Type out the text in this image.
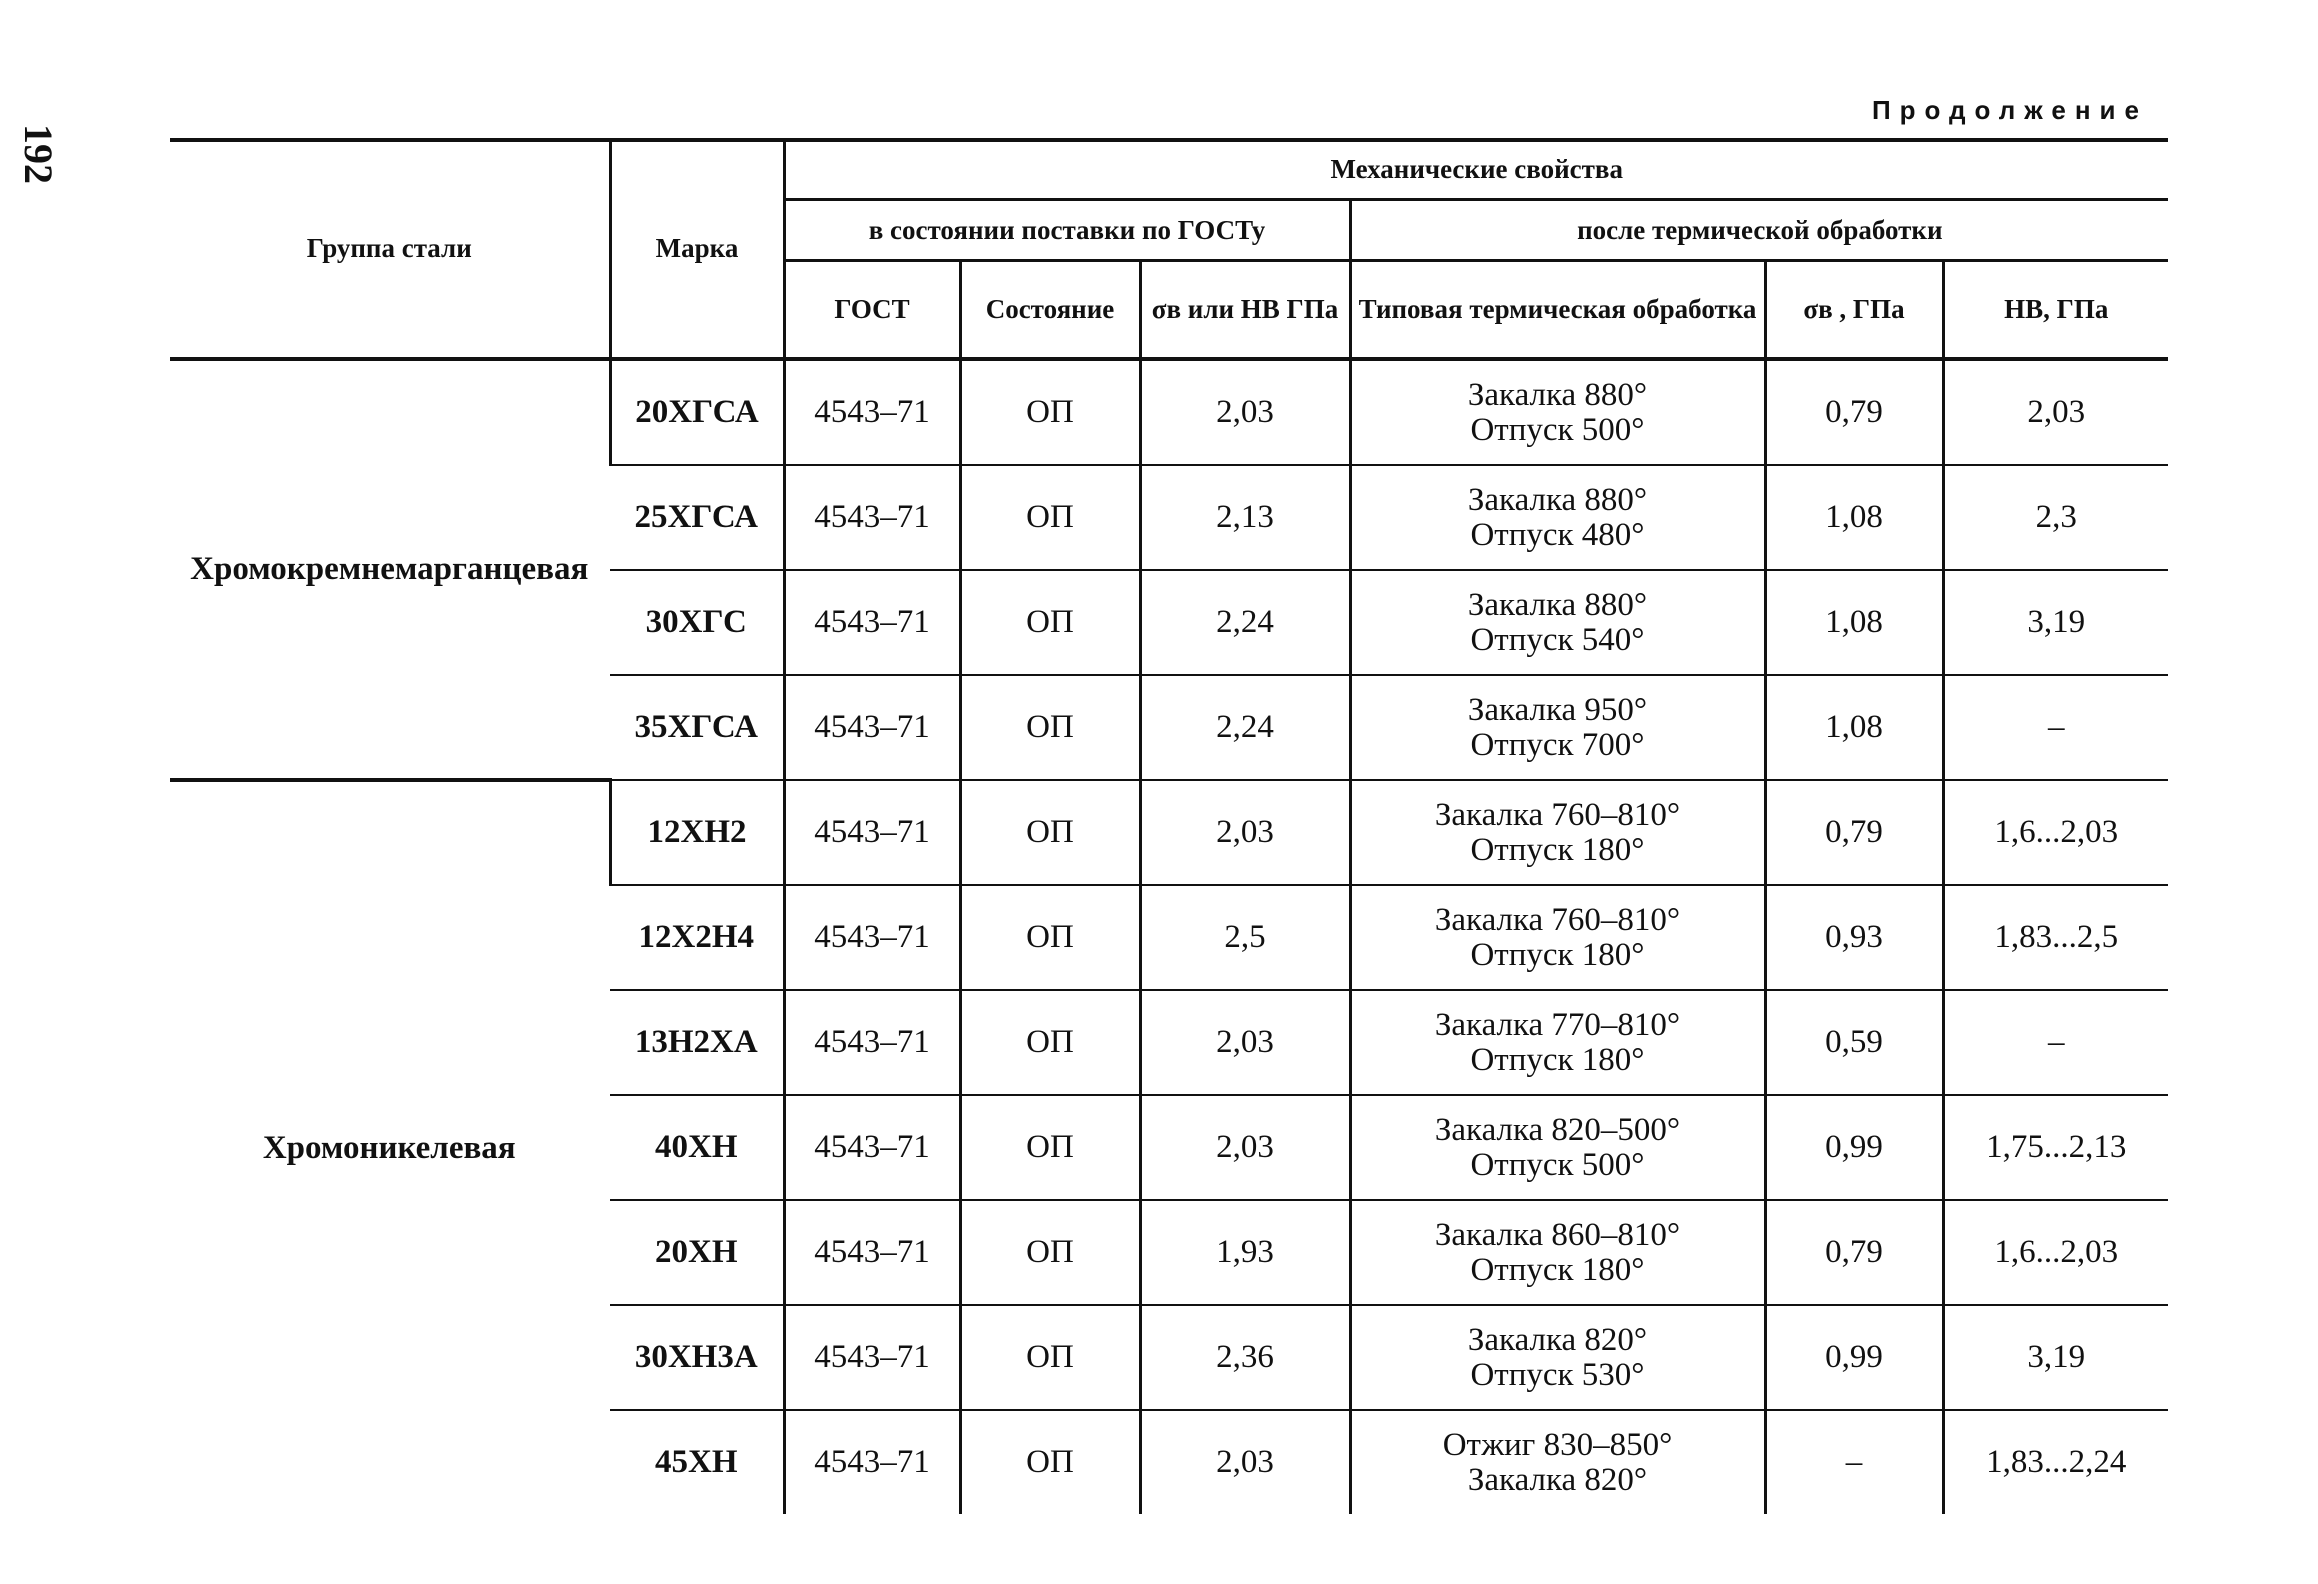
192
Продолжение
Группа стали	Марка	Механические свойства					
		в состоянии поставки по ГОСТу			после термической обработки		
		ГОСТ	Состояние	σв или НВ ГПа	Типовая термическая обработка	σв , ГПа	НВ, ГПа
Хромокремнемарганцевая	20ХГСА	4543–71	ОП	2,03	Закалка 880°
Отпуск 500°	0,79	2,03
	25ХГСА	4543–71	ОП	2,13	Закалка 880°
Отпуск 480°	1,08	2,3
	30ХГС	4543–71	ОП	2,24	Закалка 880°
Отпуск 540°	1,08	3,19
	35ХГСА	4543–71	ОП	2,24	Закалка 950°
Отпуск 700°	1,08	–
Хромоникелевая	12ХН2	4543–71	ОП	2,03	Закалка 760–810°
Отпуск 180°	0,79	1,6...2,03
	12Х2Н4	4543–71	ОП	2,5	Закалка 760–810°
Отпуск 180°	0,93	1,83...2,5
	13Н2ХА	4543–71	ОП	2,03	Закалка 770–810°
Отпуск 180°	0,59	–
	40ХН	4543–71	ОП	2,03	Закалка 820–500°
Отпуск 500°	0,99	1,75...2,13
	20ХН	4543–71	ОП	1,93	Закалка 860–810°
Отпуск 180°	0,79	1,6...2,03
	30ХН3А	4543–71	ОП	2,36	Закалка 820°
Отпуск 530°	0,99	3,19
	45ХН	4543–71	ОП	2,03	Отжиг 830–850°
Закалка 820°	–	1,83...2,24
